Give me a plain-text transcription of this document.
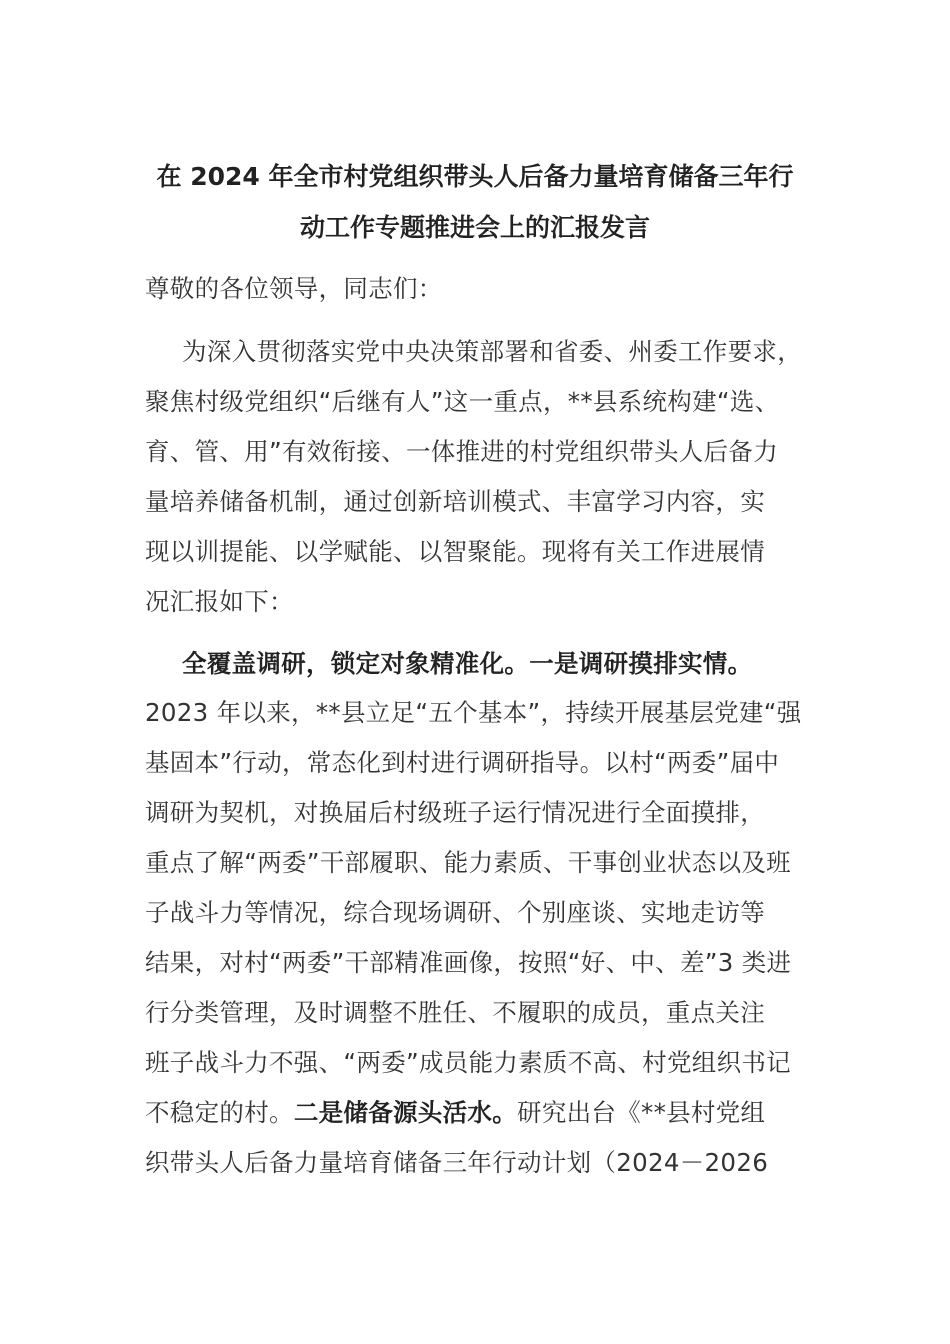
在 2024 年全市村党组织带头人后备力量培育储备三年行
动工作专题推进会上的汇报发言
尊敬的各位领导，同志们：
为深入贯彻落实党中央决策部署和省委、州委工作要求，
聚焦村级党组织“后继有人”这一重点，**县系统构建“选、
育、管、用”有效衔接、一体推进的村党组织带头人后备力
量培养储备机制，通过创新培训模式、丰富学习内容，实
现以训提能、以学赋能、以智聚能。现将有关工作进展情
况汇报如下：
全覆盖调研，锁定对象精准化。一是调研摸排实情。
2023 年以来，**县立足“五个基本”，持续开展基层党建“强
基固本”行动，常态化到村进行调研指导。以村“两委”届中
调研为契机，对换届后村级班子运行情况进行全面摸排，
重点了解“两委”干部履职、能力素质、干事创业状态以及班
子战斗力等情况，综合现场调研、个别座谈、实地走访等
结果，对村“两委”干部精准画像，按照“好、中、差”3 类进
行分类管理，及时调整不胜任、不履职的成员，重点关注
班子战斗力不强、“两委”成员能力素质不高、村党组织书记
不稳定的村。二是储备源头活水。研究出台《**县村党组
织带头人后备力量培育储备三年行动计划（2024－2026
